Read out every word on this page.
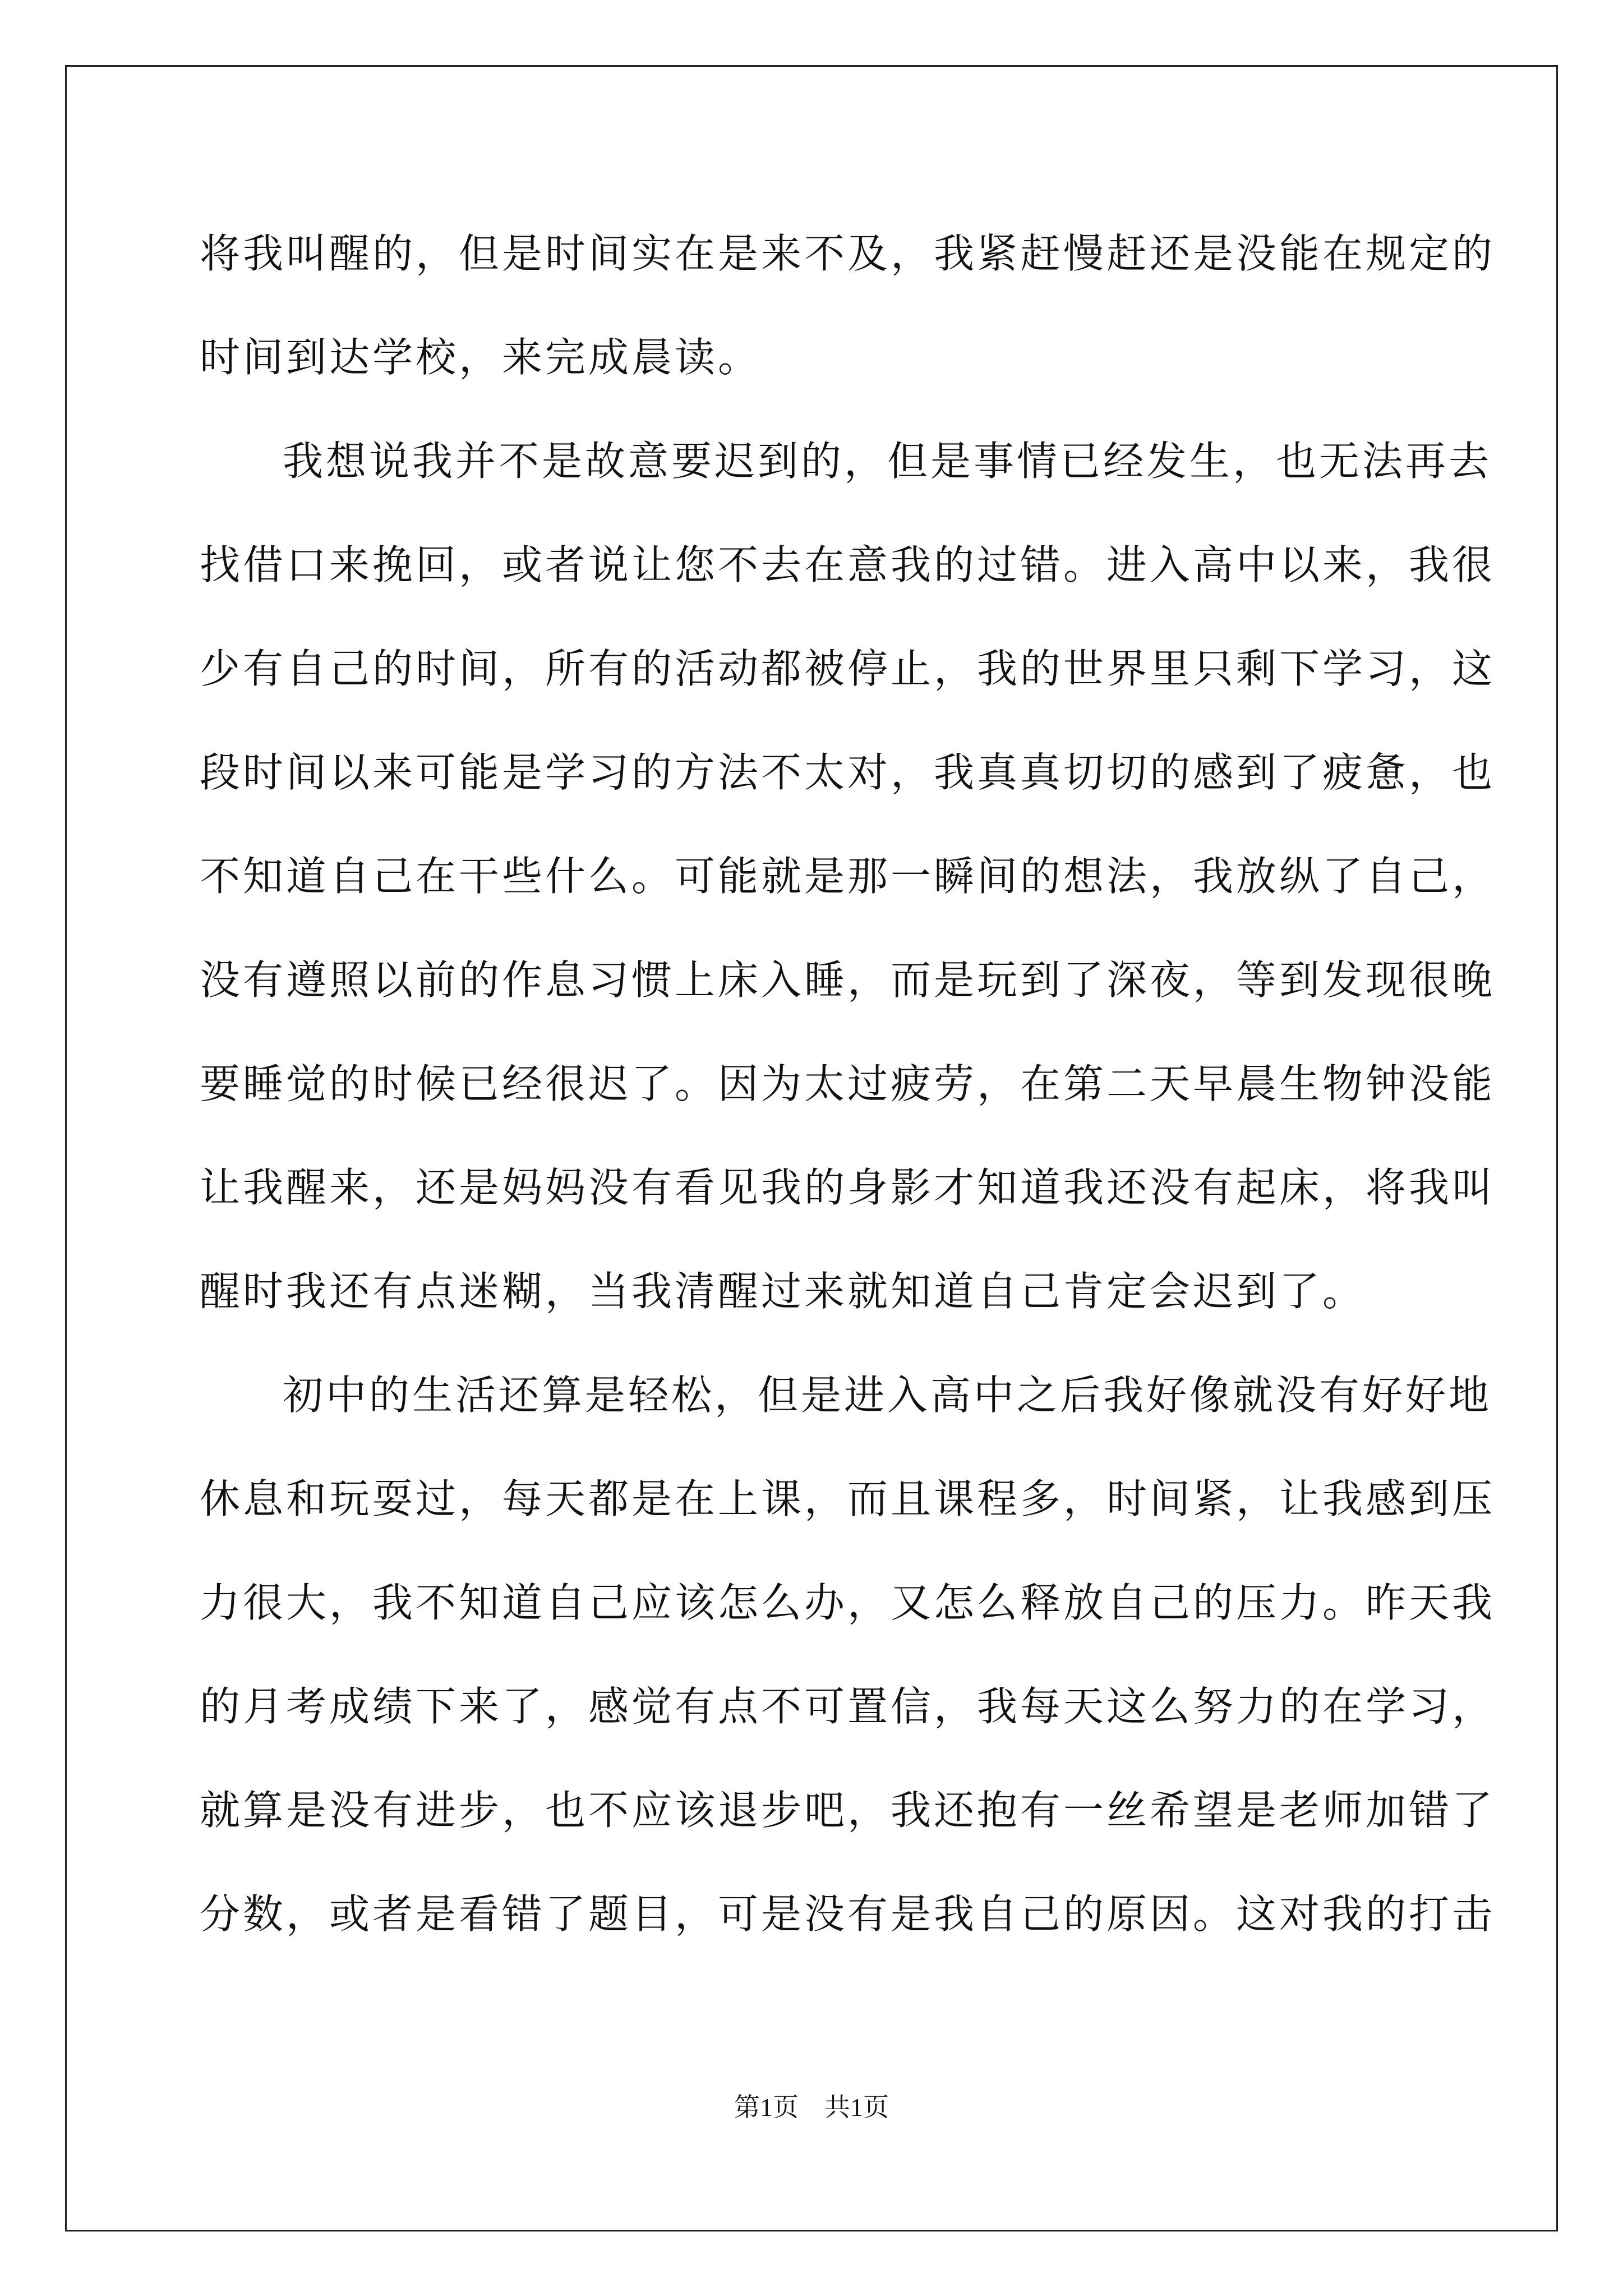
将我叫醒的，但是时间实在是来不及，我紧赶慢赶还是没能在规定的
时间到达学校，来完成晨读。
我想说我并不是故意要迟到的，但是事情已经发生，也无法再去
找借口来挽回，或者说让您不去在意我的过错。进入高中以来，我很
少有自己的时间，所有的活动都被停止，我的世界里只剩下学习，这
段时间以来可能是学习的方法不太对，我真真切切的感到了疲惫，也
不知道自己在干些什么。可能就是那一瞬间的想法，我放纵了自己，
没有遵照以前的作息习惯上床入睡，而是玩到了深夜，等到发现很晚
要睡觉的时候已经很迟了。因为太过疲劳，在第二天早晨生物钟没能
让我醒来，还是妈妈没有看见我的身影才知道我还没有起床，将我叫
醒时我还有点迷糊，当我清醒过来就知道自己肯定会迟到了。
初中的生活还算是轻松，但是进入高中之后我好像就没有好好地
休息和玩耍过，每天都是在上课，而且课程多，时间紧，让我感到压
力很大，我不知道自己应该怎么办，又怎么释放自己的压力。昨天我
的月考成绩下来了，感觉有点不可置信，我每天这么努力的在学习，
就算是没有进步，也不应该退步吧，我还抱有一丝希望是老师加错了
分数，或者是看错了题目，可是没有是我自己的原因。这对我的打击
第1页　共1页
